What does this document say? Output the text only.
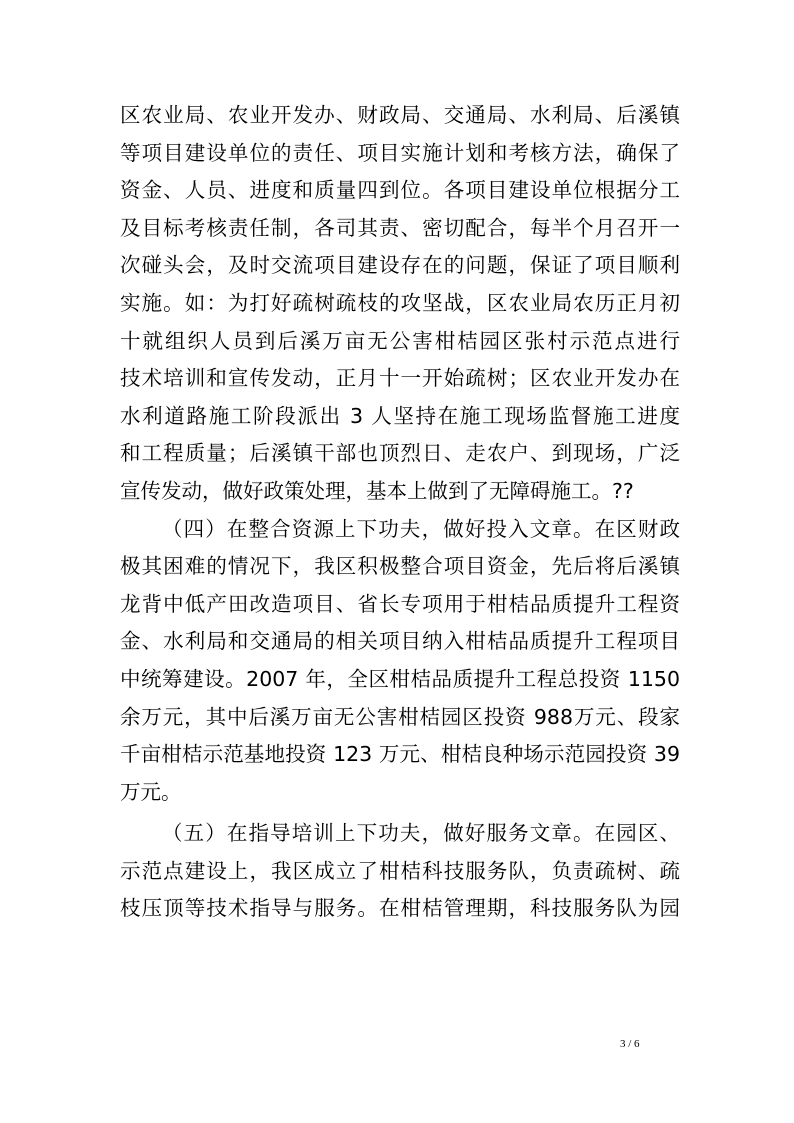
区农业局、农业开发办、财政局、交通局、水利局、后溪镇
等项目建设单位的责任、项目实施计划和考核方法，确保了
资金、人员、进度和质量四到位。各项目建设单位根据分工
及目标考核责任制，各司其责、密切配合，每半个月召开一
次碰头会，及时交流项目建设存在的问题，保证了项目顺利
实施。如：为打好疏树疏枝的攻坚战，区农业局农历正月初
十就组织人员到后溪万亩无公害柑桔园区张村示范点进行
技术培训和宣传发动，正月十一开始疏树；区农业开发办在
水利道路施工阶段派出 3 人坚持在施工现场监督施工进度
和工程质量；后溪镇干部也顶烈日、走农户、到现场，广泛
宣传发动，做好政策处理，基本上做到了无障碍施工。??
（四）在整合资源上下功夫，做好投入文章。在区财政
极其困难的情况下，我区积极整合项目资金，先后将后溪镇
龙背中低产田改造项目、省长专项用于柑桔品质提升工程资
金、水利局和交通局的相关项目纳入柑桔品质提升工程项目
中统筹建设。2007 年，全区柑桔品质提升工程总投资 1150
余万元，其中后溪万亩无公害柑桔园区投资 988万元、段家
千亩柑桔示范基地投资 123 万元、柑桔良种场示范园投资 39
万元。
（五）在指导培训上下功夫，做好服务文章。在园区、
示范点建设上，我区成立了柑桔科技服务队，负责疏树、疏
枝压顶等技术指导与服务。在柑桔管理期，科技服务队为园
3 / 6
